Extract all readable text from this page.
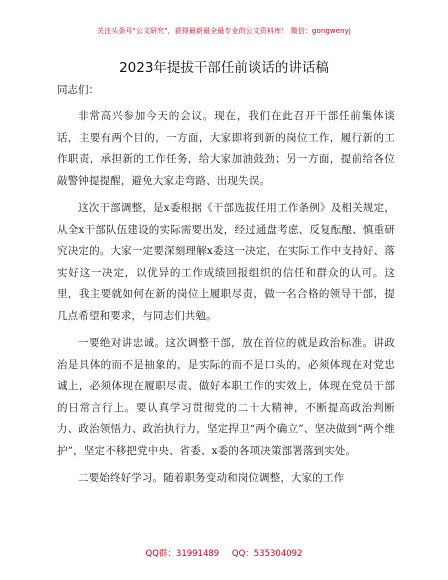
关注头条号"公文研究"，获得最新最全最专业的公文资料库！ 微信：gongwenyj
2023年提拔干部任前谈话的讲话稿
同志们：

非常高兴参加今天的会议。现在，我们在此召开干部任前集体谈话，主要有两个目的，一方面，大家即将到新的岗位工作，履行新的工作职责，承担新的工作任务，给大家加油鼓劲；另一方面，提前给各位敲警钟提提醒，避免大家走弯路、出现失误。

这次干部调整，是x委根据《干部选拔任用工作条例》及相关规定，从全x干部队伍建设的实际需要出发，经过通盘考虑、反复酝酿、慎重研究决定的。大家一定要深刻理解x委这一决定，在实际工作中支持好、落实好这一决定，以优异的工作成绩回报组织的信任和群众的认可。这里，我主要就如何在新的岗位上履职尽责，做一名合格的领导干部，提几点希望和要求，与同志们共勉。

一要绝对讲忠诚。这次调整干部，放在首位的就是政治标准。讲政治是具体的而不是抽象的，是实际的而不是口头的，必须体现在对党忠诚上，必须体现在履职尽责、做好本职工作的实效上，体现在党员干部的日常言行上。要认真学习贯彻党的二十大精神，不断提高政治判断力、政治领悟力、政治执行力，坚定捍卫“两个确立”、坚决做到“两个维护”，坚定不移把党中央、省委、x委的各项决策部署落到实处。

二要始终好学习。随着职务变动和岗位调整，大家的工作

QQ群：31991489 QQ：535304092
